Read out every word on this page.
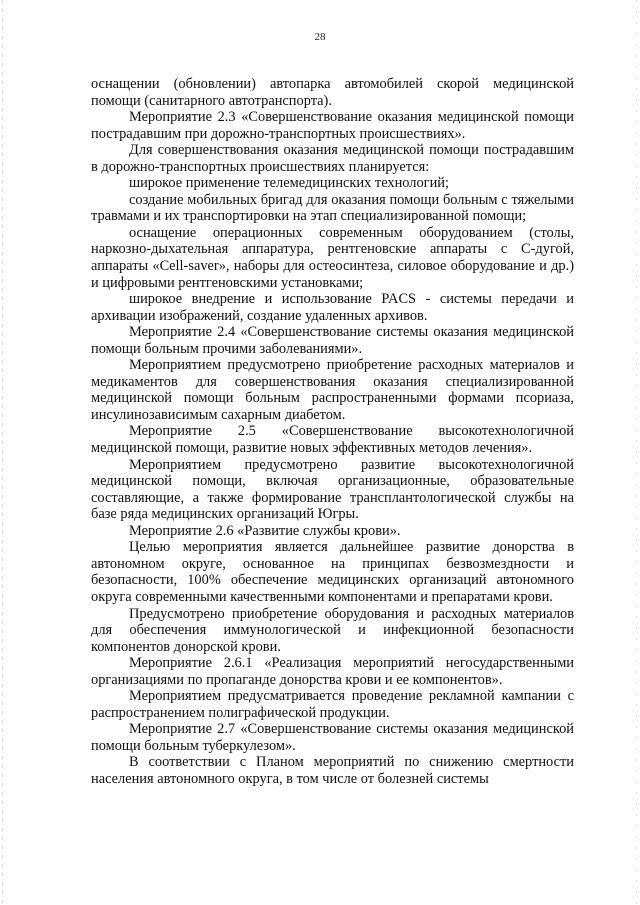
28

оснащении (обновлении) автопарка автомобилей скорой медицинской помощи (санитарного автотранспорта).

Мероприятие 2.3 «Совершенствование оказания медицинской помощи пострадавшим при дорожно-транспортных происшествиях».

Для совершенствования оказания медицинской помощи пострадавшим в дорожно-транспортных происшествиях планируется:

широкое применение телемедицинских технологий;

создание мобильных бригад для оказания помощи больным с тяжелыми травмами и их транспортировки на этап специализированной помощи;

оснащение операционных современным оборудованием (столы, наркозно-дыхательная аппаратура, рентгеновские аппараты с С-дугой, аппараты «Cell-saver», наборы для остеосинтеза, силовое оборудование и др.) и цифровыми рентгеновскими установками;

широкое внедрение и использование PACS - системы передачи и архивации изображений, создание удаленных архивов.

Мероприятие 2.4 «Совершенствование системы оказания медицинской помощи больным прочими заболеваниями».

Мероприятием предусмотрено приобретение расходных материалов и медикаментов для совершенствования оказания специализированной медицинской помощи больным распространенными формами псориаза, инсулинозависимым сахарным диабетом.

Мероприятие 2.5 «Совершенствование высокотехнологичной медицинской помощи, развитие новых эффективных методов лечения».

Мероприятием предусмотрено развитие высокотехнологичной медицинской помощи, включая организационные, образовательные составляющие, а также формирование трансплантологической службы на базе ряда медицинских организаций Югры.

Мероприятие 2.6 «Развитие службы крови».

Целью мероприятия является дальнейшее развитие донорства в автономном округе, основанное на принципах безвозмездности и безопасности, 100% обеспечение медицинских организаций автономного округа современными качественными компонентами и препаратами крови.

Предусмотрено приобретение оборудования и расходных материалов для обеспечения иммунологической и инфекционной безопасности компонентов донорской крови.

Мероприятие 2.6.1 «Реализация мероприятий негосударственными организациями по пропаганде донорства крови и ее компонентов».

Мероприятием предусматривается проведение рекламной кампании с распространением полиграфической продукции.

Мероприятие 2.7 «Совершенствование системы оказания медицинской помощи больным туберкулезом».

В соответствии с Планом мероприятий по снижению смертности населения автономного округа, в том числе от болезней системы
